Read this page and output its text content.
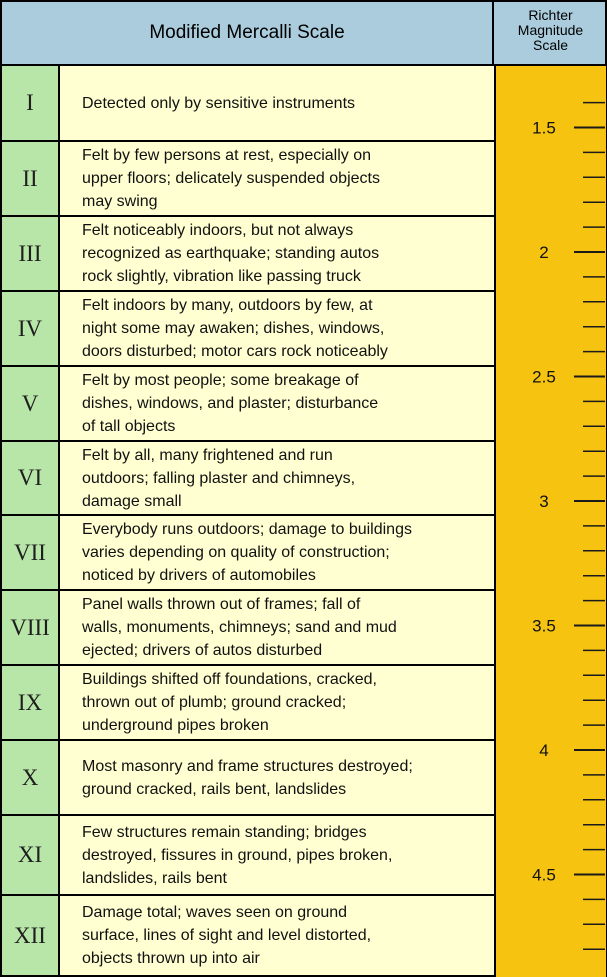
Modified Mercalli Scale
Richter
Magnitude
Scale
I	Detected only by sensitive instruments
II
Felt by few persons at rest, especially on
upper floors; delicately suspended objects
may swing
III
Felt noticeably indoors, but not always
recognized as earthquake; standing autos
rock slightly, vibration like passing truck
IV
Felt indoors by many, outdoors by few, at
night some may awaken; dishes, windows,
doors disturbed; motor cars rock noticeably
V
Felt by most people; some breakage of
dishes, windows, and plaster; disturbance
of tall objects
VI
Felt by all, many frightened and run
outdoors; falling plaster and chimneys,
damage small
VII
Everybody runs outdoors; damage to buildings
varies depending on quality of construction;
noticed by drivers of automobiles
VIII
Panel walls thrown out of frames; fall of
walls, monuments, chimneys; sand and mud
ejected; drivers of autos disturbed
IX
Buildings shifted off foundations, cracked,
thrown out of plumb; ground cracked;
underground pipes broken
X	Most masonry and frame structures destroyed;
ground cracked, rails bent, landslides
XI
Few structures remain standing; bridges
destroyed, fissures in ground, pipes broken,
landslides, rails bent
XII
Damage total; waves seen on ground
surface, lines of sight and level distorted,
objects thrown up into air
1.5
2
2.5
3
3.5
4
4.5
